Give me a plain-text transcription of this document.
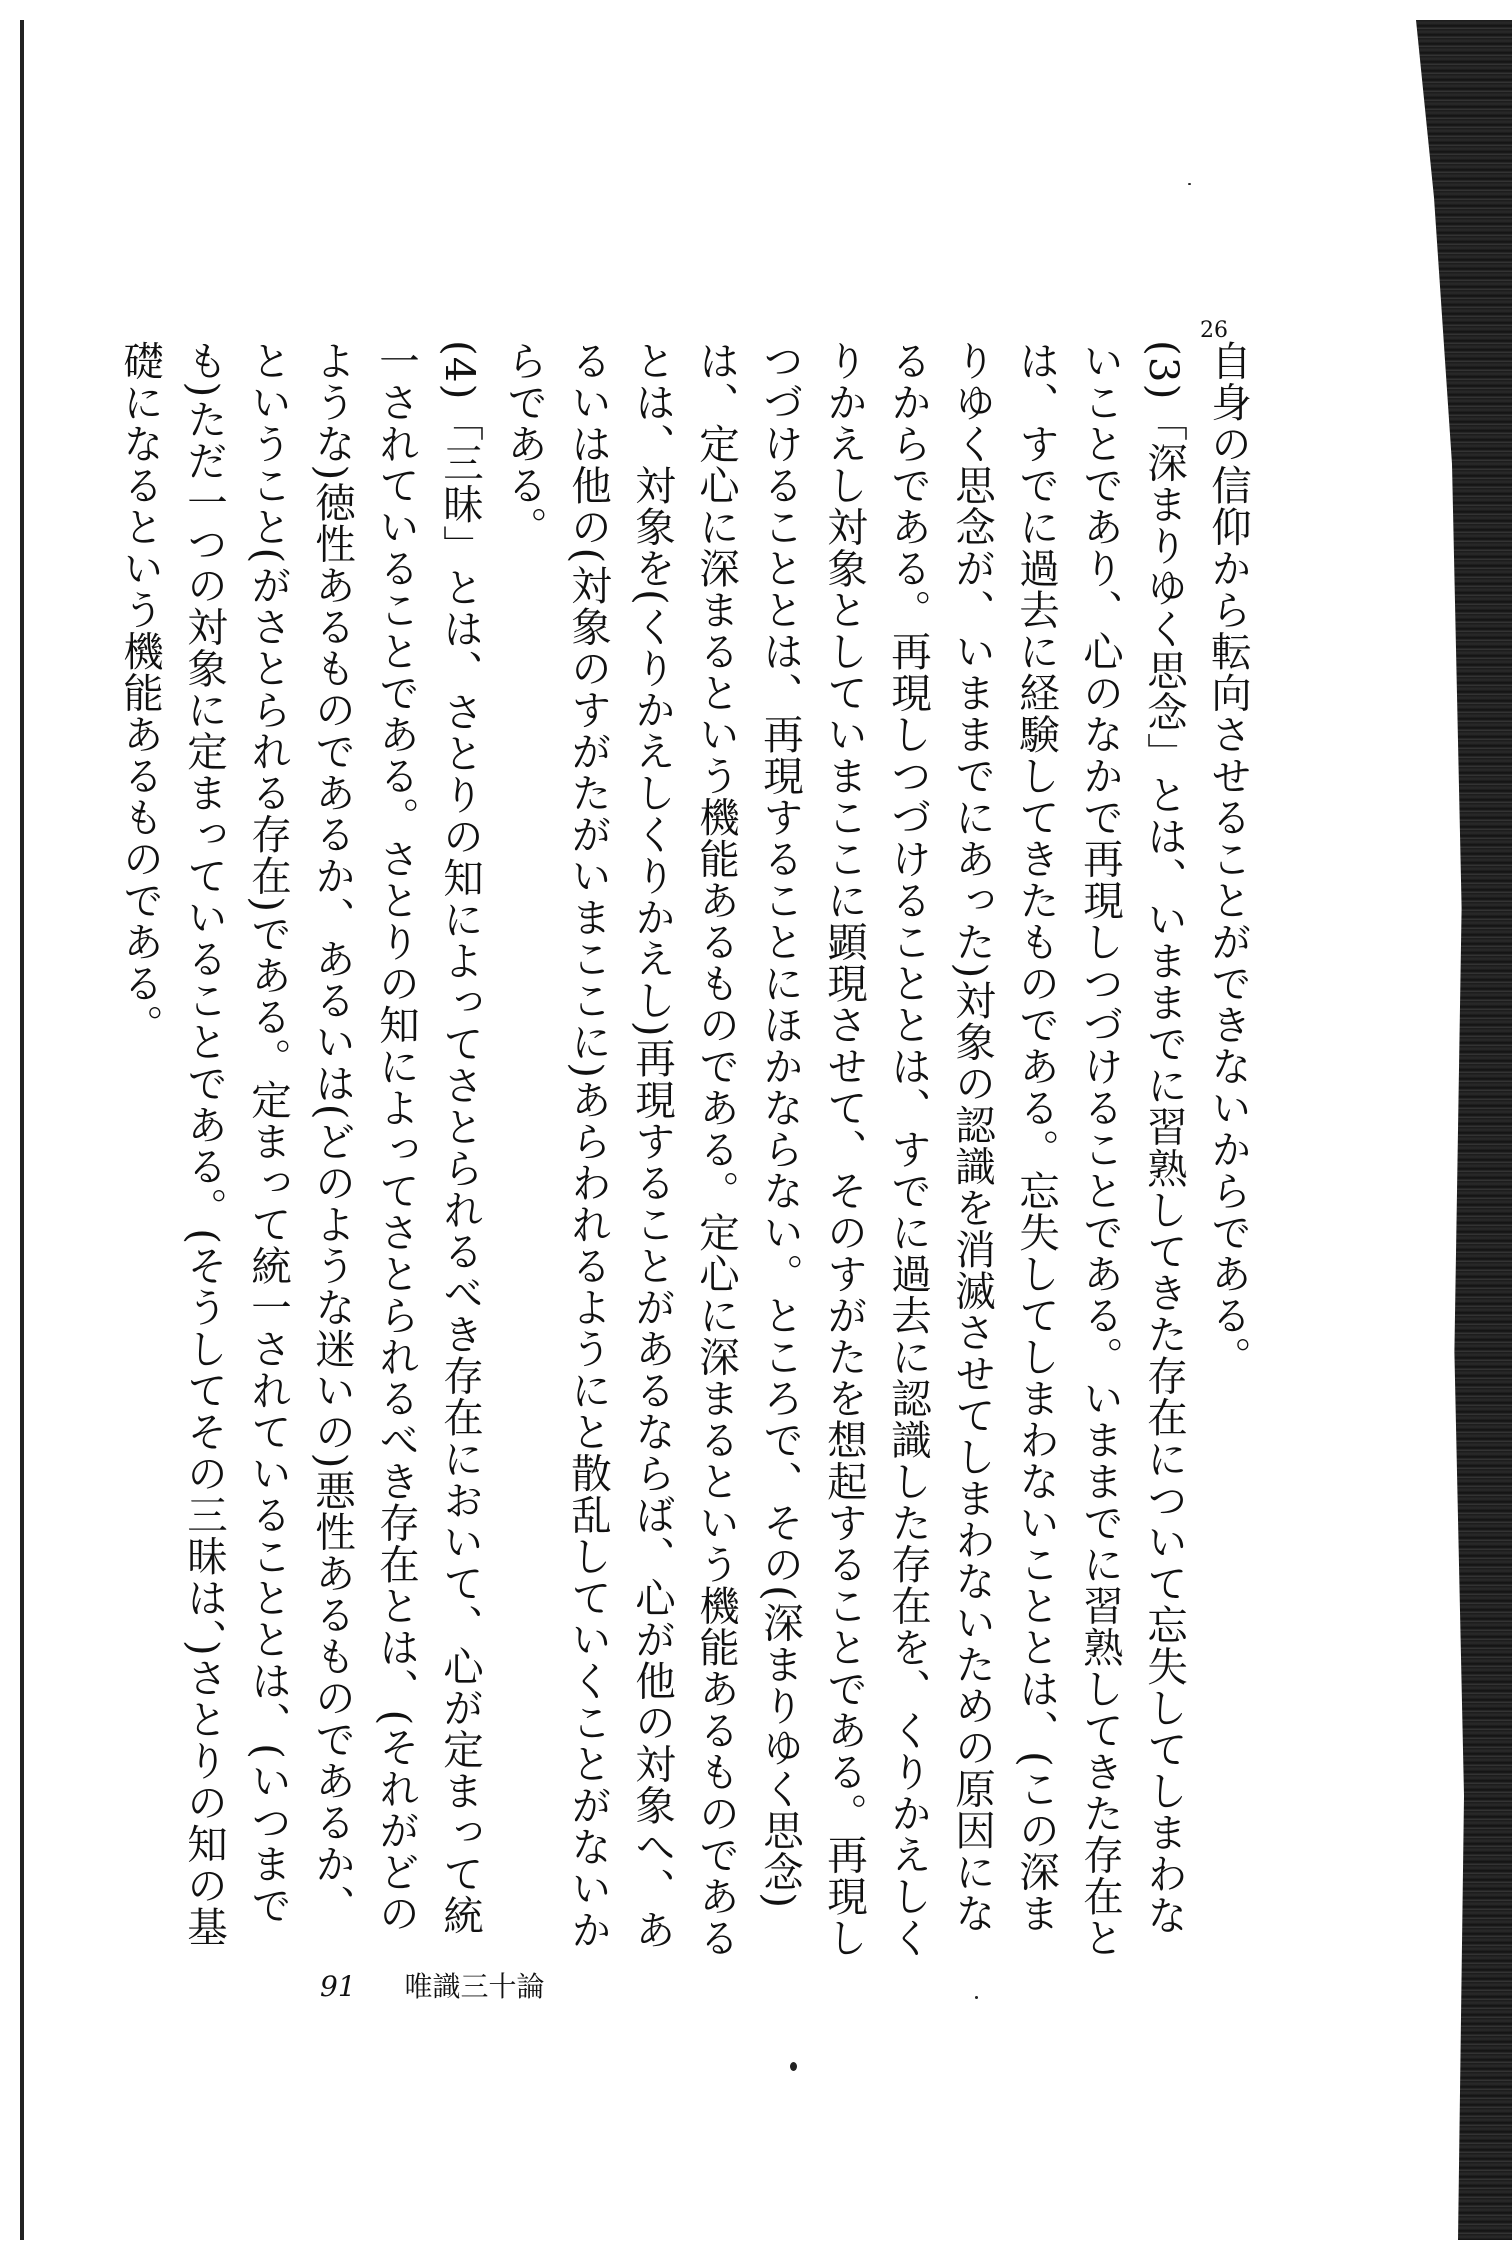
26

自身の信仰から転向させることができないからである。

(3)「深まりゆく思念」とは、いままでに習熟してきた存在について忘失してしまわないことであり、心のなかで再現しつづけることである。いままでに習熟してきた存在とは、すでに過去に経験してきたものである。忘失してしまわないこととは、(この深まりゆく思念が、いままでにあった)対象の認識を消滅させてしまわないための原因になるからである。再現しつづけることとは、すでに過去に認識した存在を、くりかえしくりかえし対象としていまここに顕現させて、そのすがたを想起することである。再現しつづけることとは、再現することにほかならない。ところで、その(深まりゆく思念)は、定心に深まるという機能あるものである。定心に深まるという機能あるものであるとは、対象を(くりかえしくりかえし)再現することがあるならば、心が他の対象へ、あるいは他の(対象のすがたがいまここに)あらわれるようにと散乱していくことがないからである。

(4)「三昧」とは、さとりの知によってさとられるべき存在において、心が定まって統一されていることである。さとりの知によってさとられるべき存在とは、(それがどのような)徳性あるものであるか、あるいは(どのような迷いの)悪性あるものであるか、ということ(がさとられる存在)である。定まって統一されていることとは、(いつまでも)ただ一つの対象に定まっていることである。(そうしてその三昧は、)さとりの知の基礎になるという機能あるものである。

91 唯識三十論
